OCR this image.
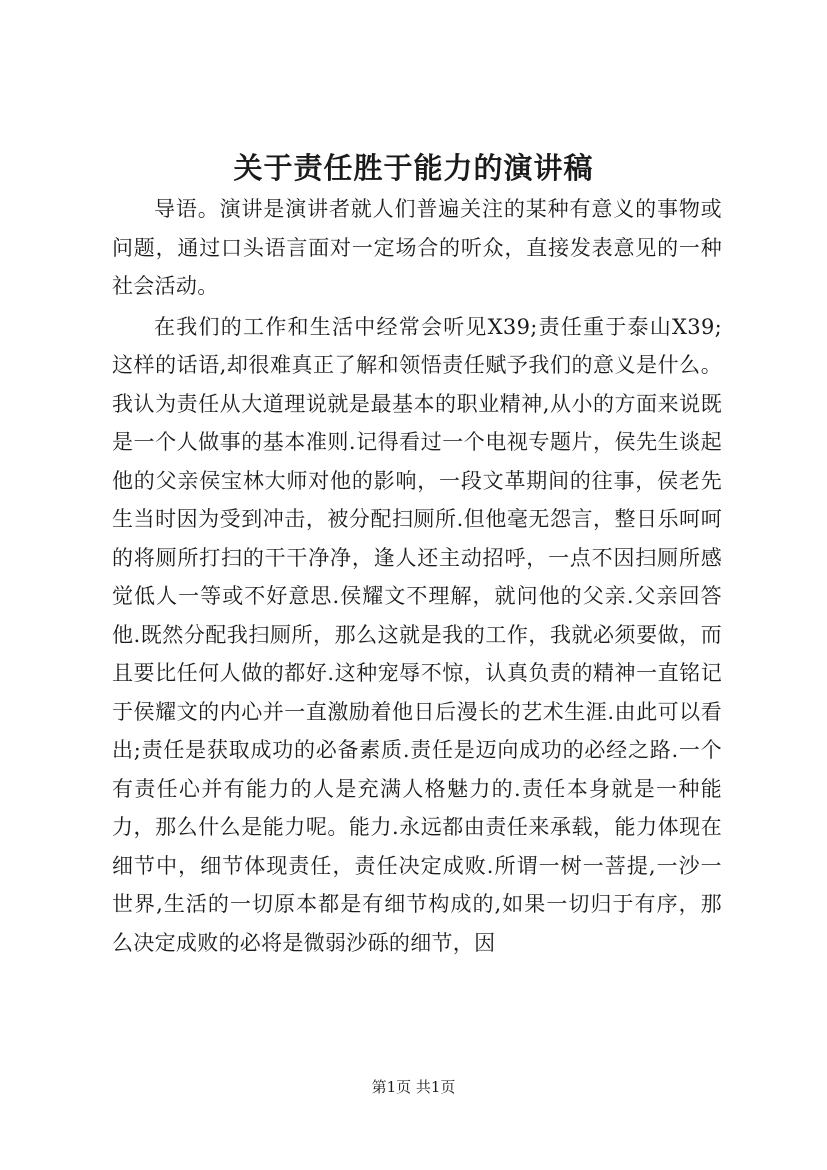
关于责任胜于能力的演讲稿

导语。演讲是演讲者就人们普遍关注的某种有意义的事物或问题，通过口头语言面对一定场合的听众，直接发表意见的一种社会活动。

在我们的工作和生活中经常会听见X39;责任重于泰山X39;这样的话语,却很难真正了解和领悟责任赋予我们的意义是什么。我认为责任从大道理说就是最基本的职业精神,从小的方面来说既是一个人做事的基本准则.记得看过一个电视专题片，侯先生谈起他的父亲侯宝林大师对他的影响，一段文革期间的往事，侯老先生当时因为受到冲击，被分配扫厕所.但他毫无怨言，整日乐呵呵的将厕所打扫的干干净净，逢人还主动招呼，一点不因扫厕所感觉低人一等或不好意思.侯耀文不理解，就问他的父亲.父亲回答他.既然分配我扫厕所，那么这就是我的工作，我就必须要做，而且要比任何人做的都好.这种宠辱不惊，认真负责的精神一直铭记于侯耀文的内心并一直激励着他日后漫长的艺术生涯.由此可以看出;责任是获取成功的必备素质.责任是迈向成功的必经之路.一个有责任心并有能力的人是充满人格魅力的.责任本身就是一种能力，那么什么是能力呢。能力.永远都由责任来承载，能力体现在细节中，细节体现责任，责任决定成败.所谓一树一菩提,一沙一世界,生活的一切原本都是有细节构成的,如果一切归于有序，那么决定成败的必将是微弱沙砾的细节，因

第1页 共1页
